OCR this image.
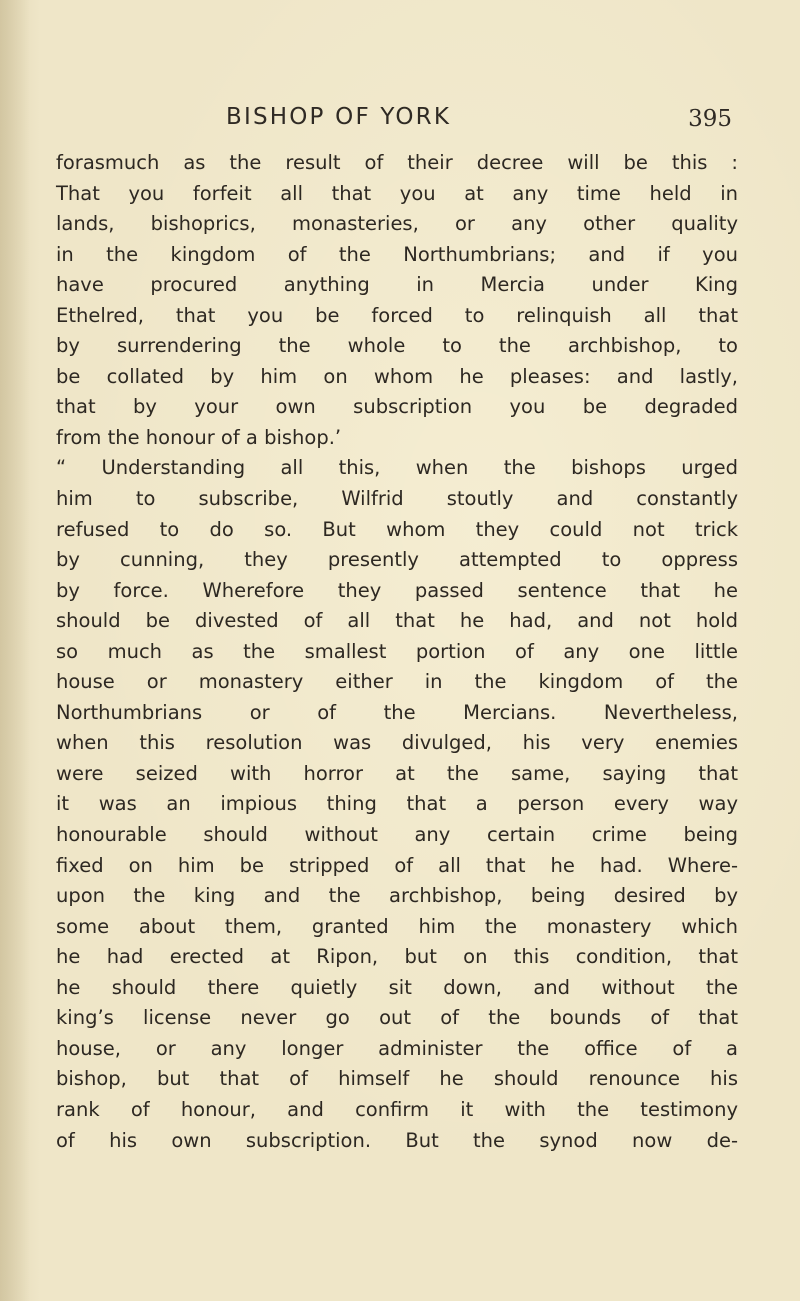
BISHOP OF YORK	395
forasmuch as the result of their decree will be this :
That you forfeit all that you at any time held in
lands, bishoprics, monasteries, or any other quality
in the kingdom of the Northumbrians; and if you
have procured anything in Mercia under King
Ethelred, that you be forced to relinquish all that
by surrendering the whole to the archbishop, to
be collated by him on whom he pleases: and lastly,
that by your own subscription you be degraded
from the honour of a bishop.’
“ Understanding all this, when the bishops urged
him to subscribe, Wilfrid stoutly and constantly
refused to do so. But whom they could not trick
by cunning, they presently attempted to oppress
by force. Wherefore they passed sentence that he
should be divested of all that he had, and not hold
so much as the smallest portion of any one little
house or monastery either in the kingdom of the
Northumbrians or of the Mercians. Nevertheless,
when this resolution was divulged, his very enemies
were seized with horror at the same, saying that
it was an impious thing that a person every way
honourable should without any certain crime being
fixed on him be stripped of all that he had. Where-
upon the king and the archbishop, being desired by
some about them, granted him the monastery which
he had erected at Ripon, but on this condition, that
he should there quietly sit down, and without the
king’s license never go out of the bounds of that
house, or any longer administer the office of a
bishop, but that of himself he should renounce his
rank of honour, and confirm it with the testimony
of his own subscription. But the synod now de-
